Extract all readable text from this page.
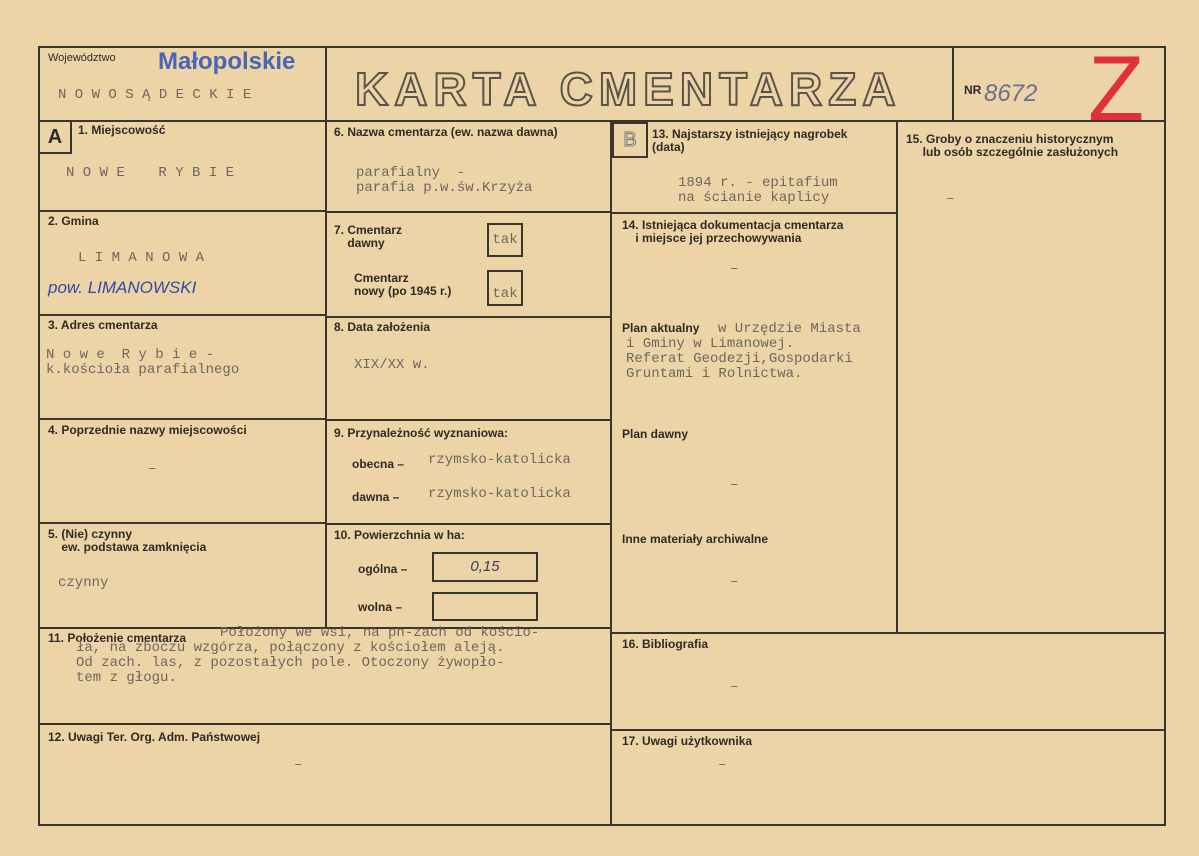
Województwo Małopolskie
N O W O S Ą D E C K I E KARTA CMENTARZA	NR 8672 Z
A	B
1. Miejscowość
N O W E    R Y B I E
2. Gmina
L I M A N O W A
pow. LIMANOWSKI
3. Adres cmentarza
N o w e  R y b i e -
k.kościoła parafialnego
4. Poprzednie nazwy miejscowości
–
5. (Nie) czynny
ew. podstawa zamknięcia
czynny
6. Nazwa cmentarza (ew. nazwa dawna)
parafialny  -
parafia p.w.św.Krzyża
7. Cmentarz
dawny	tak
Cmentarz
nowy (po 1945 r.)	tak
8. Data założenia
XIX/XX w.
9. Przynależność wyznaniowa:
obecna – rzymsko-katolicka
dawna – rzymsko-katolicka
10. Powierzchnia w ha:
ogólna –	0,15
wolna –
13. Najstarszy istniejący nagrobek
(data)
1894 r. - epitafium
na ścianie kaplicy
14. Istniejąca dokumentacja cmentarza
i miejsce jej przechowywania
–
Plan aktualny	w Urzędzie Miasta
i Gminy w Limanowej.
Referat Geodezji,Gospodarki
Gruntami i Rolnictwa.
Plan dawny
–
Inne materiały archiwalne
–
15. Groby o znaczeniu historycznym
lub osób szczególnie zasłużonych
–
11. Położenie cmentarza	Położony we wsi, na pn-zach od kościo-
ła, na zboczu wzgórza, połączony z kościołem aleją.
Od zach. las, z pozostałych pole. Otoczony żywopło-
tem z głogu.
12. Uwagi Ter. Org. Adm. Państwowej
–
16. Bibliografia
–
17. Uwagi użytkownika
–
